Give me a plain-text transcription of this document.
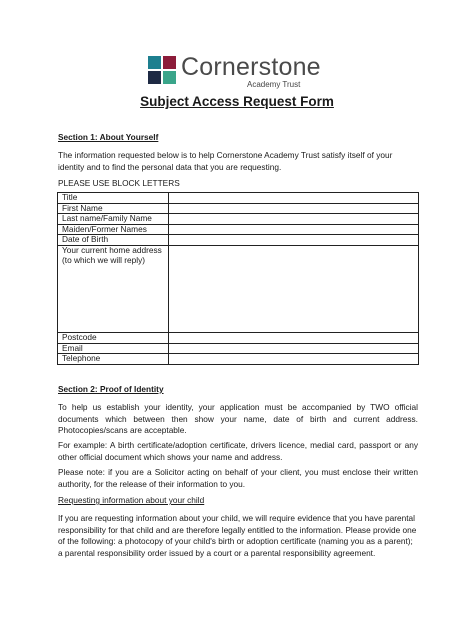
Cornerstone
Academy Trust
Subject Access Request Form
Section 1: About Yourself
The information requested below is to help Cornerstone Academy Trust satisfy itself of your identity and to find the personal data that you are requesting.
PLEASE USE BLOCK LETTERS
Title	
First Name	
Last name/Family Name	
Maiden/Former Names	
Date of Birth	
Your current home address (to which we will reply)	
Postcode	
Email	
Telephone	
Section 2: Proof of Identity
To help us establish your identity, your application must be accompanied by TWO official documents which between then show your name, date of birth and current address. Photocopies/scans are acceptable.
For example: A birth certificate/adoption certificate, drivers licence, medial card, passport or any other official document which shows your name and address.
Please note: if you are a Solicitor acting on behalf of your client, you must enclose their written authority, for the release of their information to you.
Requesting information about your child
If you are requesting information about your child, we will require evidence that you have parental responsibility for that child and are therefore legally entitled to the information. Please provide one of the following: a photocopy of your child's birth or adoption certificate (naming you as a parent); a parental responsibility order issued by a court or a parental responsibility agreement.
